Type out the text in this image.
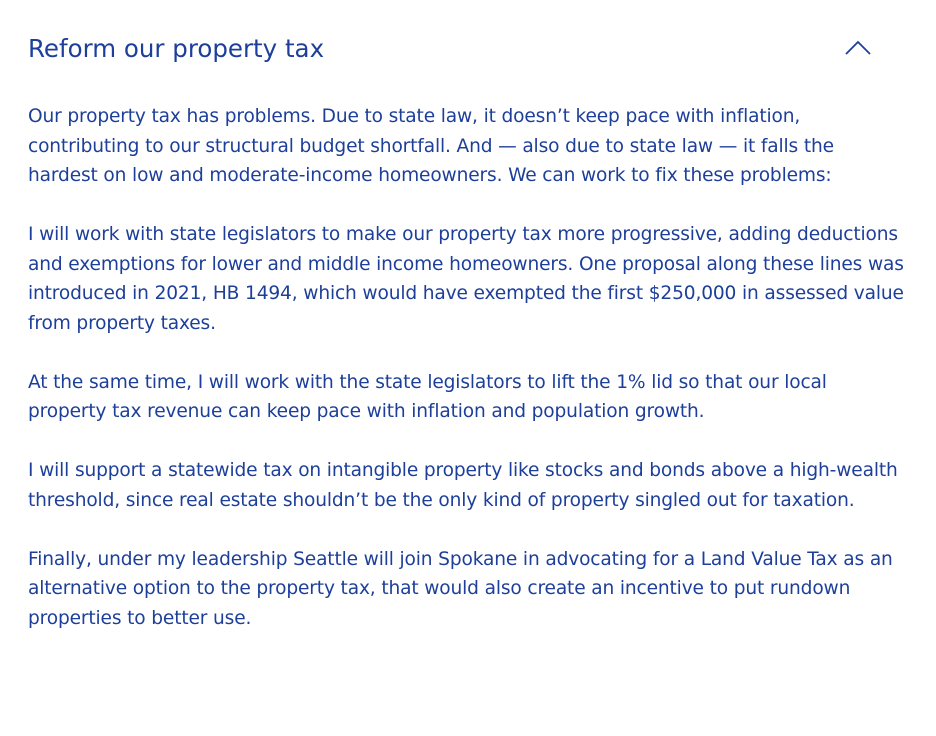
Reform our property tax

Our property tax has problems. Due to state law, it doesn’t keep pace with inflation, contributing to our structural budget shortfall. And — also due to state law — it falls the hardest on low and moderate-income homeowners. We can work to fix these problems:

I will work with state legislators to make our property tax more progressive, adding deductions and exemptions for lower and middle income homeowners. One proposal along these lines was introduced in 2021, HB 1494, which would have exempted the first $250,000 in assessed value from property taxes.

At the same time, I will work with the state legislators to lift the 1% lid so that our local property tax revenue can keep pace with inflation and population growth.

I will support a statewide tax on intangible property like stocks and bonds above a high-wealth threshold, since real estate shouldn’t be the only kind of property singled out for taxation.

Finally, under my leadership Seattle will join Spokane in advocating for a Land Value Tax as an alternative option to the property tax, that would also create an incentive to put rundown properties to better use.
